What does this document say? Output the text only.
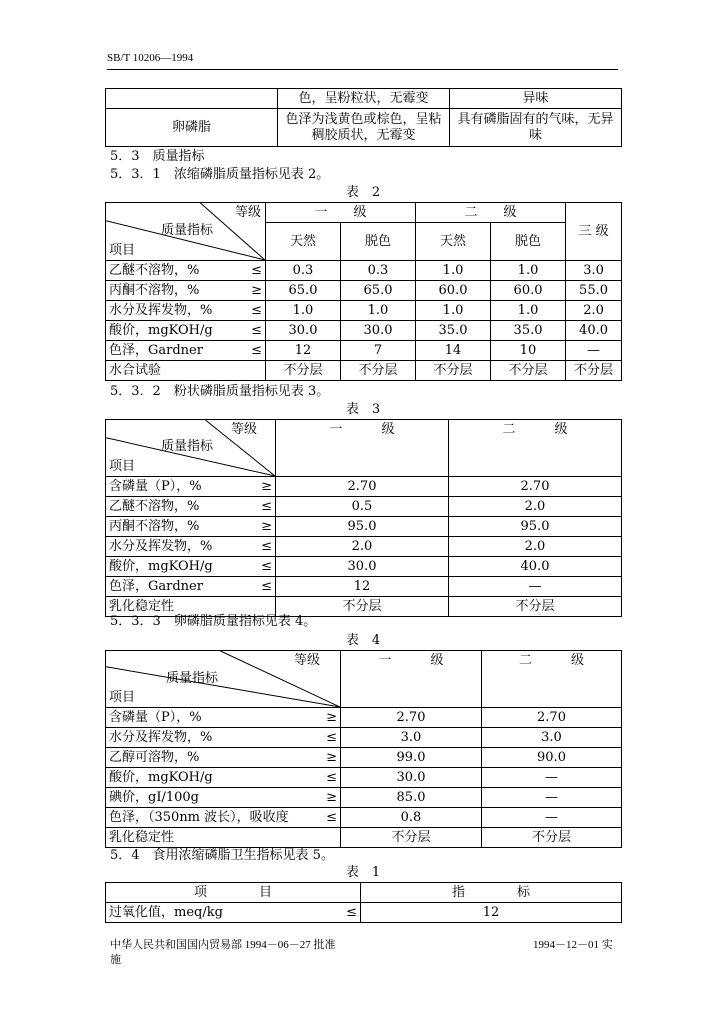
SB/T 10206—1994
	色，呈粉粒状，无霉变	异味
卵磷脂	色泽为浅黄色或棕色，呈粘稠胶质状，无霉变	具有磷脂固有的气味，无异味
5．3　质量指标
5．3．1　浓缩磷脂质量指标见表 2。
表　2
等级
质量指标
项目	一　　级		二　　级		三 级
	天然	脱色	天然	脱色	

乙醚不溶物，% ≤	0.3	0.3	1.0	1.0	3.0

丙酮不溶物，% ≥	65.0	65.0	60.0	60.0	55.0

水分及挥发物，% ≤	1.0	1.0	1.0	1.0	2.0

酸价，mgKOH/g ≤	30.0	30.0	35.0	35.0	40.0

色泽，Gardner ≤	12	7	14	10	—

水合试验	不分层	不分层	不分层	不分层	不分层
5．3．2　粉状磷脂质量指标见表 3。
表　3
等级
质量指标
项目	一　　　级	二　　　级

含磷量（P），% ≥	2.70	2.70

乙醚不溶物，% ≤	0.5	2.0

丙酮不溶物，% ≥	95.0	95.0

水分及挥发物，% ≤	2.0	2.0

酸价，mgKOH/g ≤	30.0	40.0

色泽，Gardner ≤	12	—

乳化稳定性	不分层	不分层
5．3．3　卵磷脂质量指标见表 4。
表　4
等级
质量指标
项目	一　　　级	二　　　级

含磷量（P），% ≥	2.70	2.70

水分及挥发物，% ≤	3.0	3.0

乙醇可溶物，% ≥	99.0	90.0

酸价，mgKOH/g ≤	30.0	—

碘价，gI/100g ≥	85.0	—

色泽，（350nm 波长），吸收度 ≤	0.8	—

乳化稳定性	不分层	不分层
5．4　食用浓缩磷脂卫生指标见表 5。
表　1
项　　　　目	指　　　　标

过氧化值，meq/kg ≤	12
中华人民共和国国内贸易部 1994－06－27 批准
施
1994－12－01 实
